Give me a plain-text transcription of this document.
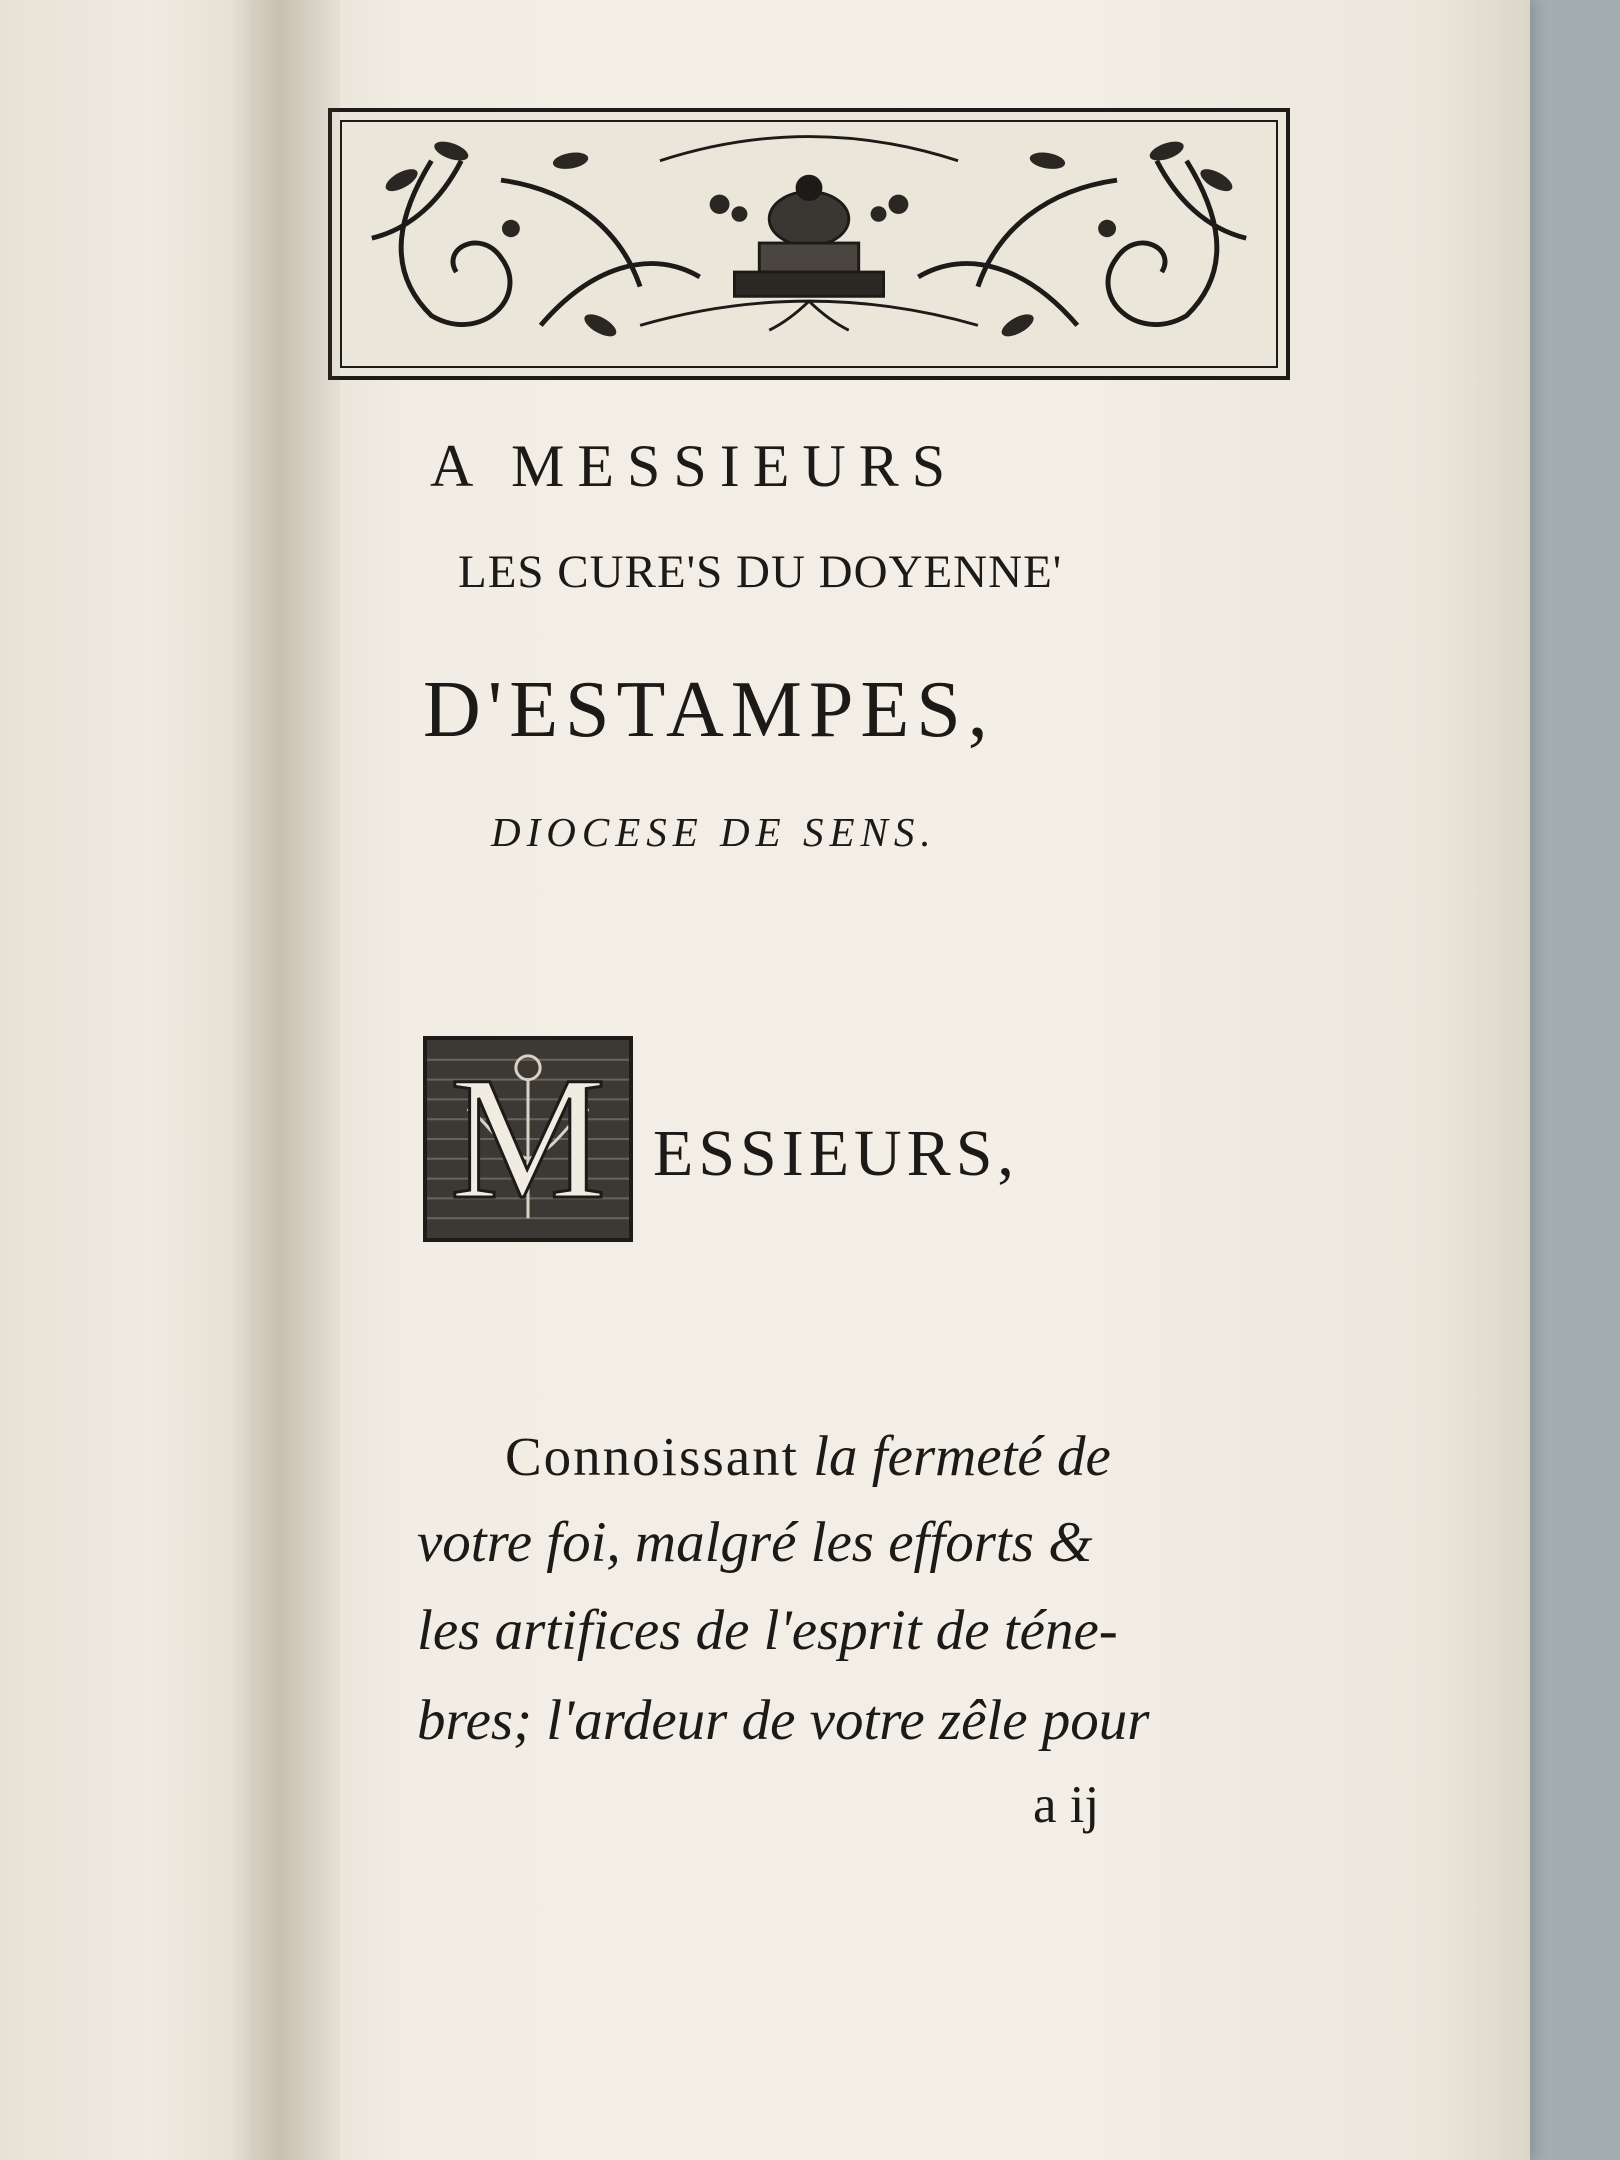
A MESSIEURS
LES CURE'S DU DOYENNE'
D'ESTAMPES,
DIOCESE DE SENS.
M ESSIEURS,
Connoissant la fermeté de
votre foi, malgré les efforts &
les artifices de l'esprit de téne-
bres; l'ardeur de votre zêle pour
a ij
